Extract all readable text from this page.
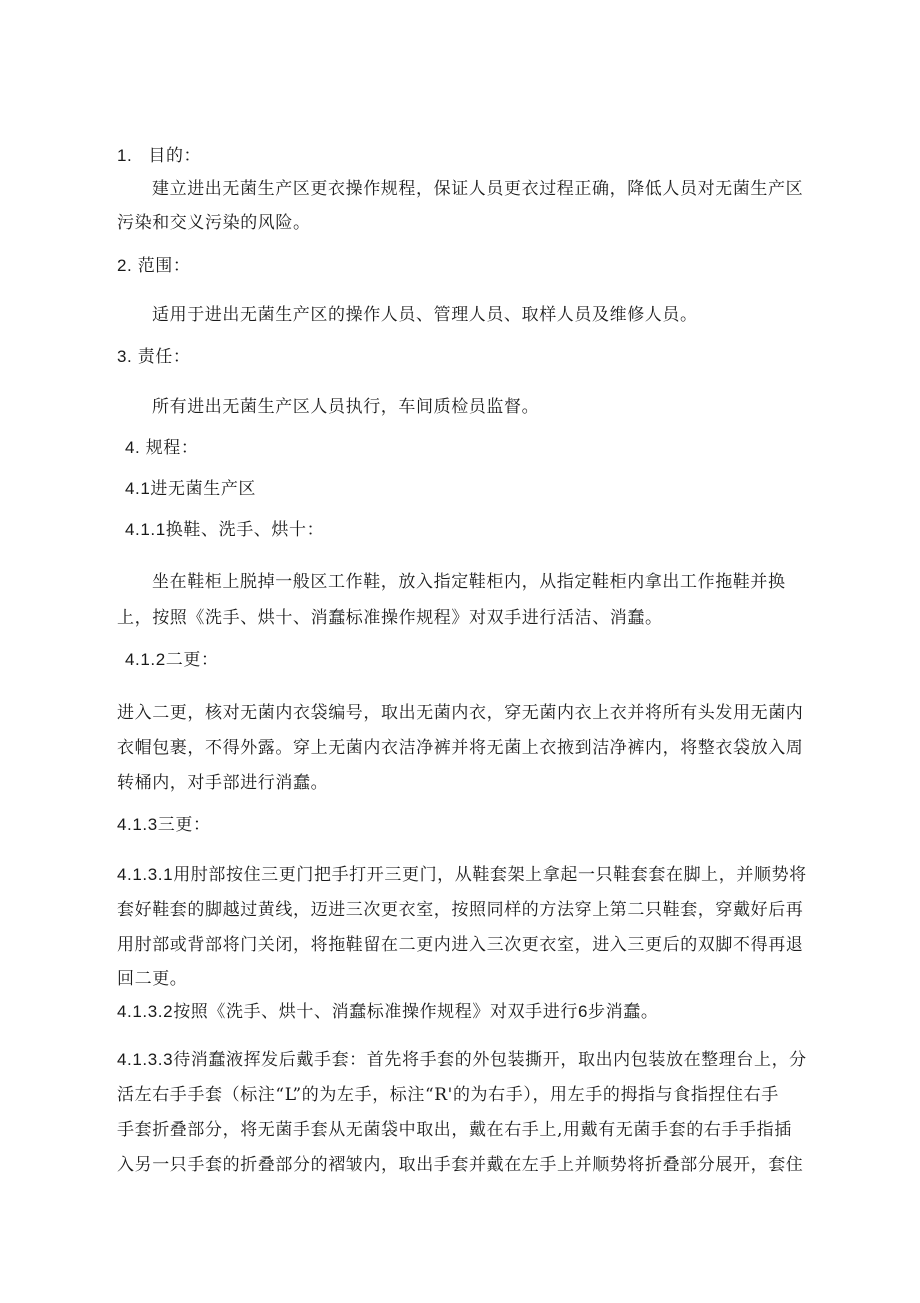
1.   目的：
建立进出无菌生产区更衣操作规程，保证人员更衣过程正确，降低人员对无菌生产区
污染和交义污染的风险。
2. 范围：
适用于进出无菌生产区的操作人员、管理人员、取样人员及维修人员。
3. 责任：
所有进出无菌生产区人员执行，车间质检员监督。
4. 规程：
4.1进无菌生产区
4.1.1换鞋、洗手、烘十：
坐在鞋柜上脱掉一般区工作鞋，放入指定鞋柜内，从指定鞋柜内拿出工作拖鞋并换
上，按照《洗手、烘十、消蠢标准操作规程》对双手进行活洁、消蠢。
4.1.2二更：
进入二更，核对无菌内衣袋编号，取出无菌内衣，穿无菌内衣上衣并将所有头发用无菌内
衣帽包裹，不得外露。穿上无菌内衣洁净裤并将无菌上衣掖到洁净裤内，将整衣袋放入周
转桶内，对手部进行消蠢。
4.1.3三更：
4.1.3.1用肘部按住三更门把手打开三更门，从鞋套架上拿起一只鞋套套在脚上，并顺势将
套好鞋套的脚越过黄线，迈进三次更衣室，按照同样的方法穿上第二只鞋套，穿戴好后再
用肘部或背部将门关闭，将拖鞋留在二更内进入三次更衣室，进入三更后的双脚不得再退
回二更。
4.1.3.2按照《洗手、烘十、消蠢标准操作规程》对双手进行6步消蠢。
4.1.3.3待消蠢液挥发后戴手套：首先将手套的外包装撕开，取出内包装放在整理台上，分
活左右手手套（标注“L”的为左手，标注“R'的为右手），用左手的拇指与食指捏住右手
手套折叠部分，将无菌手套从无菌袋中取出，戴在右手上,用戴有无菌手套的右手手指插
入另一只手套的折叠部分的褶皱内，取出手套并戴在左手上并顺势将折叠部分展开，套住
